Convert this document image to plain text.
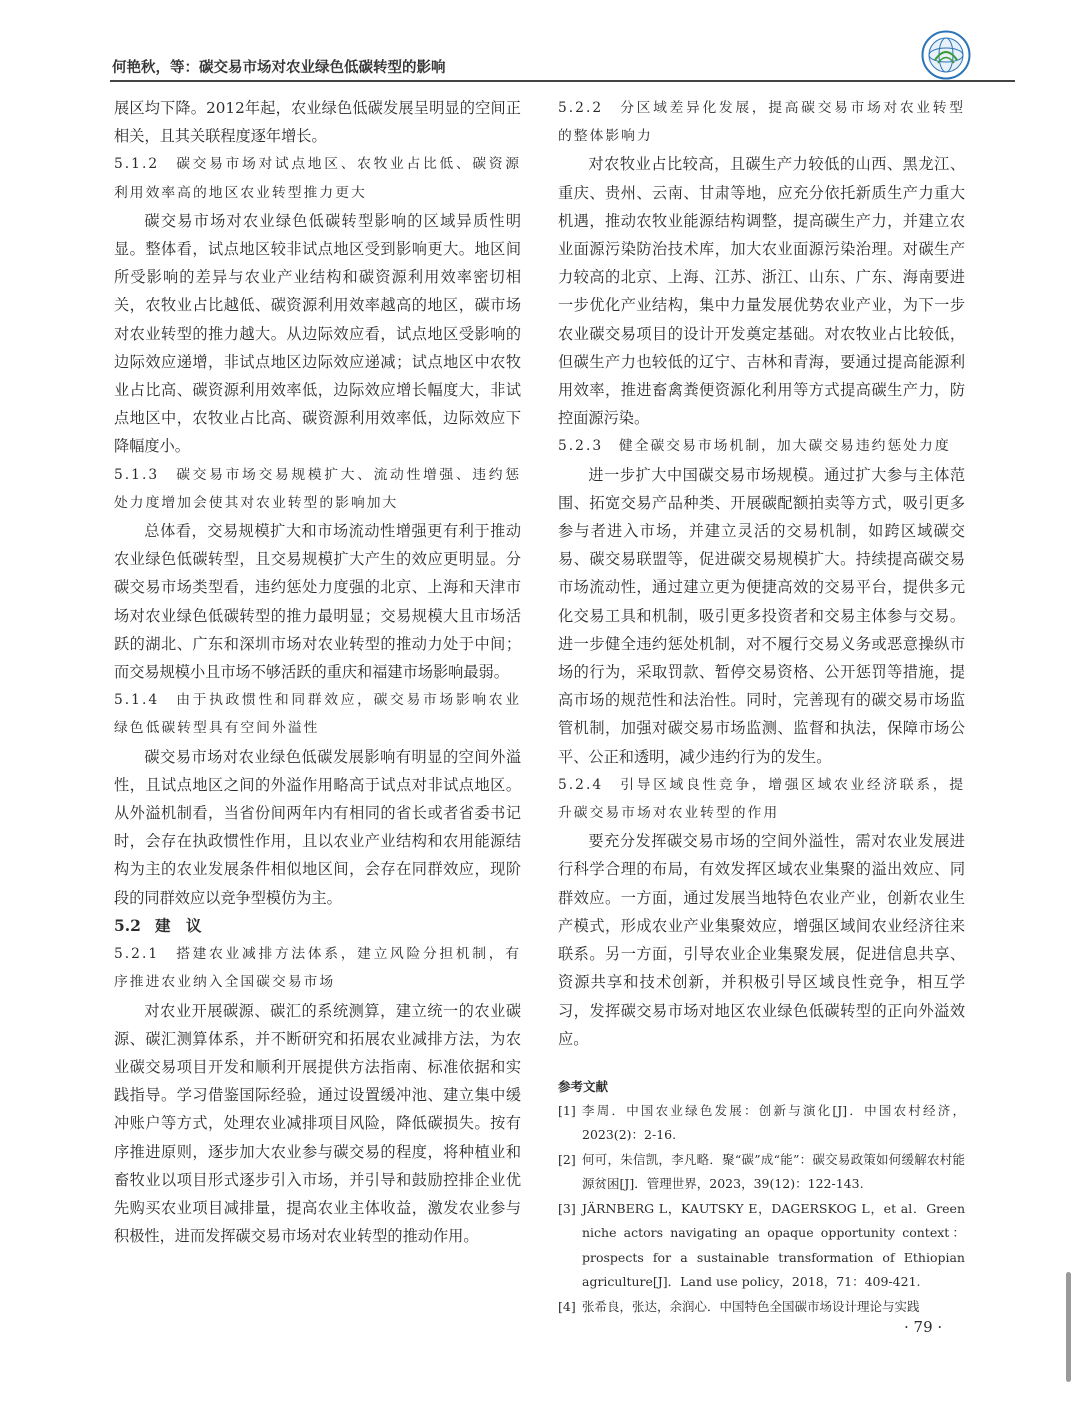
何艳秋，等：碳交易市场对农业绿色低碳转型的影响

展区均下降。2012年起，农业绿色低碳发展呈明显的空间正相关，且其关联程度逐年增长。

5.1.2　碳交易市场对试点地区、农牧业占比低、碳资源利用效率高的地区农业转型推力更大

碳交易市场对农业绿色低碳转型影响的区域异质性明显。整体看，试点地区较非试点地区受到影响更大。地区间所受影响的差异与农业产业结构和碳资源利用效率密切相关，农牧业占比越低、碳资源利用效率越高的地区，碳市场对农业转型的推力越大。从边际效应看，试点地区受影响的边际效应递增，非试点地区边际效应递减；试点地区中农牧业占比高、碳资源利用效率低，边际效应增长幅度大，非试点地区中，农牧业占比高、碳资源利用效率低，边际效应下降幅度小。

5.1.3　碳交易市场交易规模扩大、流动性增强、违约惩处力度增加会使其对农业转型的影响加大

总体看，交易规模扩大和市场流动性增强更有利于推动农业绿色低碳转型，且交易规模扩大产生的效应更明显。分碳交易市场类型看，违约惩处力度强的北京、上海和天津市场对农业绿色低碳转型的推力最明显；交易规模大且市场活跃的湖北、广东和深圳市场对农业转型的推动力处于中间；而交易规模小且市场不够活跃的重庆和福建市场影响最弱。

5.1.4　由于执政惯性和同群效应，碳交易市场影响农业绿色低碳转型具有空间外溢性

碳交易市场对农业绿色低碳发展影响有明显的空间外溢性，且试点地区之间的外溢作用略高于试点对非试点地区。从外溢机制看，当省份间两年内有相同的省长或者省委书记时，会存在执政惯性作用，且以农业产业结构和农用能源结构为主的农业发展条件相似地区间，会存在同群效应，现阶段的同群效应以竞争型模仿为主。

5.2 建　议
5.2.1　搭建农业减排方法体系，建立风险分担机制，有序推进农业纳入全国碳交易市场

对农业开展碳源、碳汇的系统测算，建立统一的农业碳源、碳汇测算体系，并不断研究和拓展农业减排方法，为农业碳交易项目开发和顺利开展提供方法指南、标准依据和实践指导。学习借鉴国际经验，通过设置缓冲池、建立集中缓冲账户等方式，处理农业减排项目风险，降低碳损失。按有序推进原则，逐步加大农业参与碳交易的程度，将种植业和畜牧业以项目形式逐步引入市场，并引导和鼓励控排企业优先购买农业项目减排量，提高农业主体收益，激发农业参与积极性，进而发挥碳交易市场对农业转型的推动作用。

5.2.2　分区域差异化发展，提高碳交易市场对农业转型的整体影响力

对农牧业占比较高，且碳生产力较低的山西、黑龙江、重庆、贵州、云南、甘肃等地，应充分依托新质生产力重大机遇，推动农牧业能源结构调整，提高碳生产力，并建立农业面源污染防治技术库，加大农业面源污染治理。对碳生产力较高的北京、上海、江苏、浙江、山东、广东、海南要进一步优化产业结构，集中力量发展优势农业产业，为下一步农业碳交易项目的设计开发奠定基础。对农牧业占比较低，但碳生产力也较低的辽宁、吉林和青海，要通过提高能源利用效率，推进畜禽粪便资源化利用等方式提高碳生产力，防控面源污染。

5.2.3　健全碳交易市场机制，加大碳交易违约惩处力度

进一步扩大中国碳交易市场规模。通过扩大参与主体范围、拓宽交易产品种类、开展碳配额拍卖等方式，吸引更多参与者进入市场，并建立灵活的交易机制，如跨区域碳交易、碳交易联盟等，促进碳交易规模扩大。持续提高碳交易市场流动性，通过建立更为便捷高效的交易平台，提供多元化交易工具和机制，吸引更多投资者和交易主体参与交易。进一步健全违约惩处机制，对不履行交易义务或恶意操纵市场的行为，采取罚款、暂停交易资格、公开惩罚等措施，提高市场的规范性和法治性。同时，完善现有的碳交易市场监管机制，加强对碳交易市场监测、监督和执法，保障市场公平、公正和透明，减少违约行为的发生。

5.2.4　引导区域良性竞争，增强区域农业经济联系，提升碳交易市场对农业转型的作用

要充分发挥碳交易市场的空间外溢性，需对农业发展进行科学合理的布局，有效发挥区域农业集聚的溢出效应、同群效应。一方面，通过发展当地特色农业产业，创新农业生产模式，形成农业产业集聚效应，增强区域间农业经济往来联系。另一方面，引导农业企业集聚发展，促进信息共享、资源共享和技术创新，并积极引导区域良性竞争，相互学习，发挥碳交易市场对地区农业绿色低碳转型的正向外溢效应。

参考文献
[1] 李周．中国农业绿色发展：创新与演化[J]．中国农村经济，2023(2)：2-16.
[2] 何可，朱信凯，李凡略．聚“碳”成“能”：碳交易政策如何缓解农村能源贫困[J]．管理世界，2023，39(12)：122-143.
[3] JÄRNBERG L，KAUTSKY E，DAGERSKOG L，et al．Green niche actors navigating an opaque opportunity context：prospects for a sustainable transformation of Ethiopian agriculture[J]．Land use policy，2018，71：409-421.
[4] 张希良，张达，余润心．中国特色全国碳市场设计理论与实践
· 79 ·
